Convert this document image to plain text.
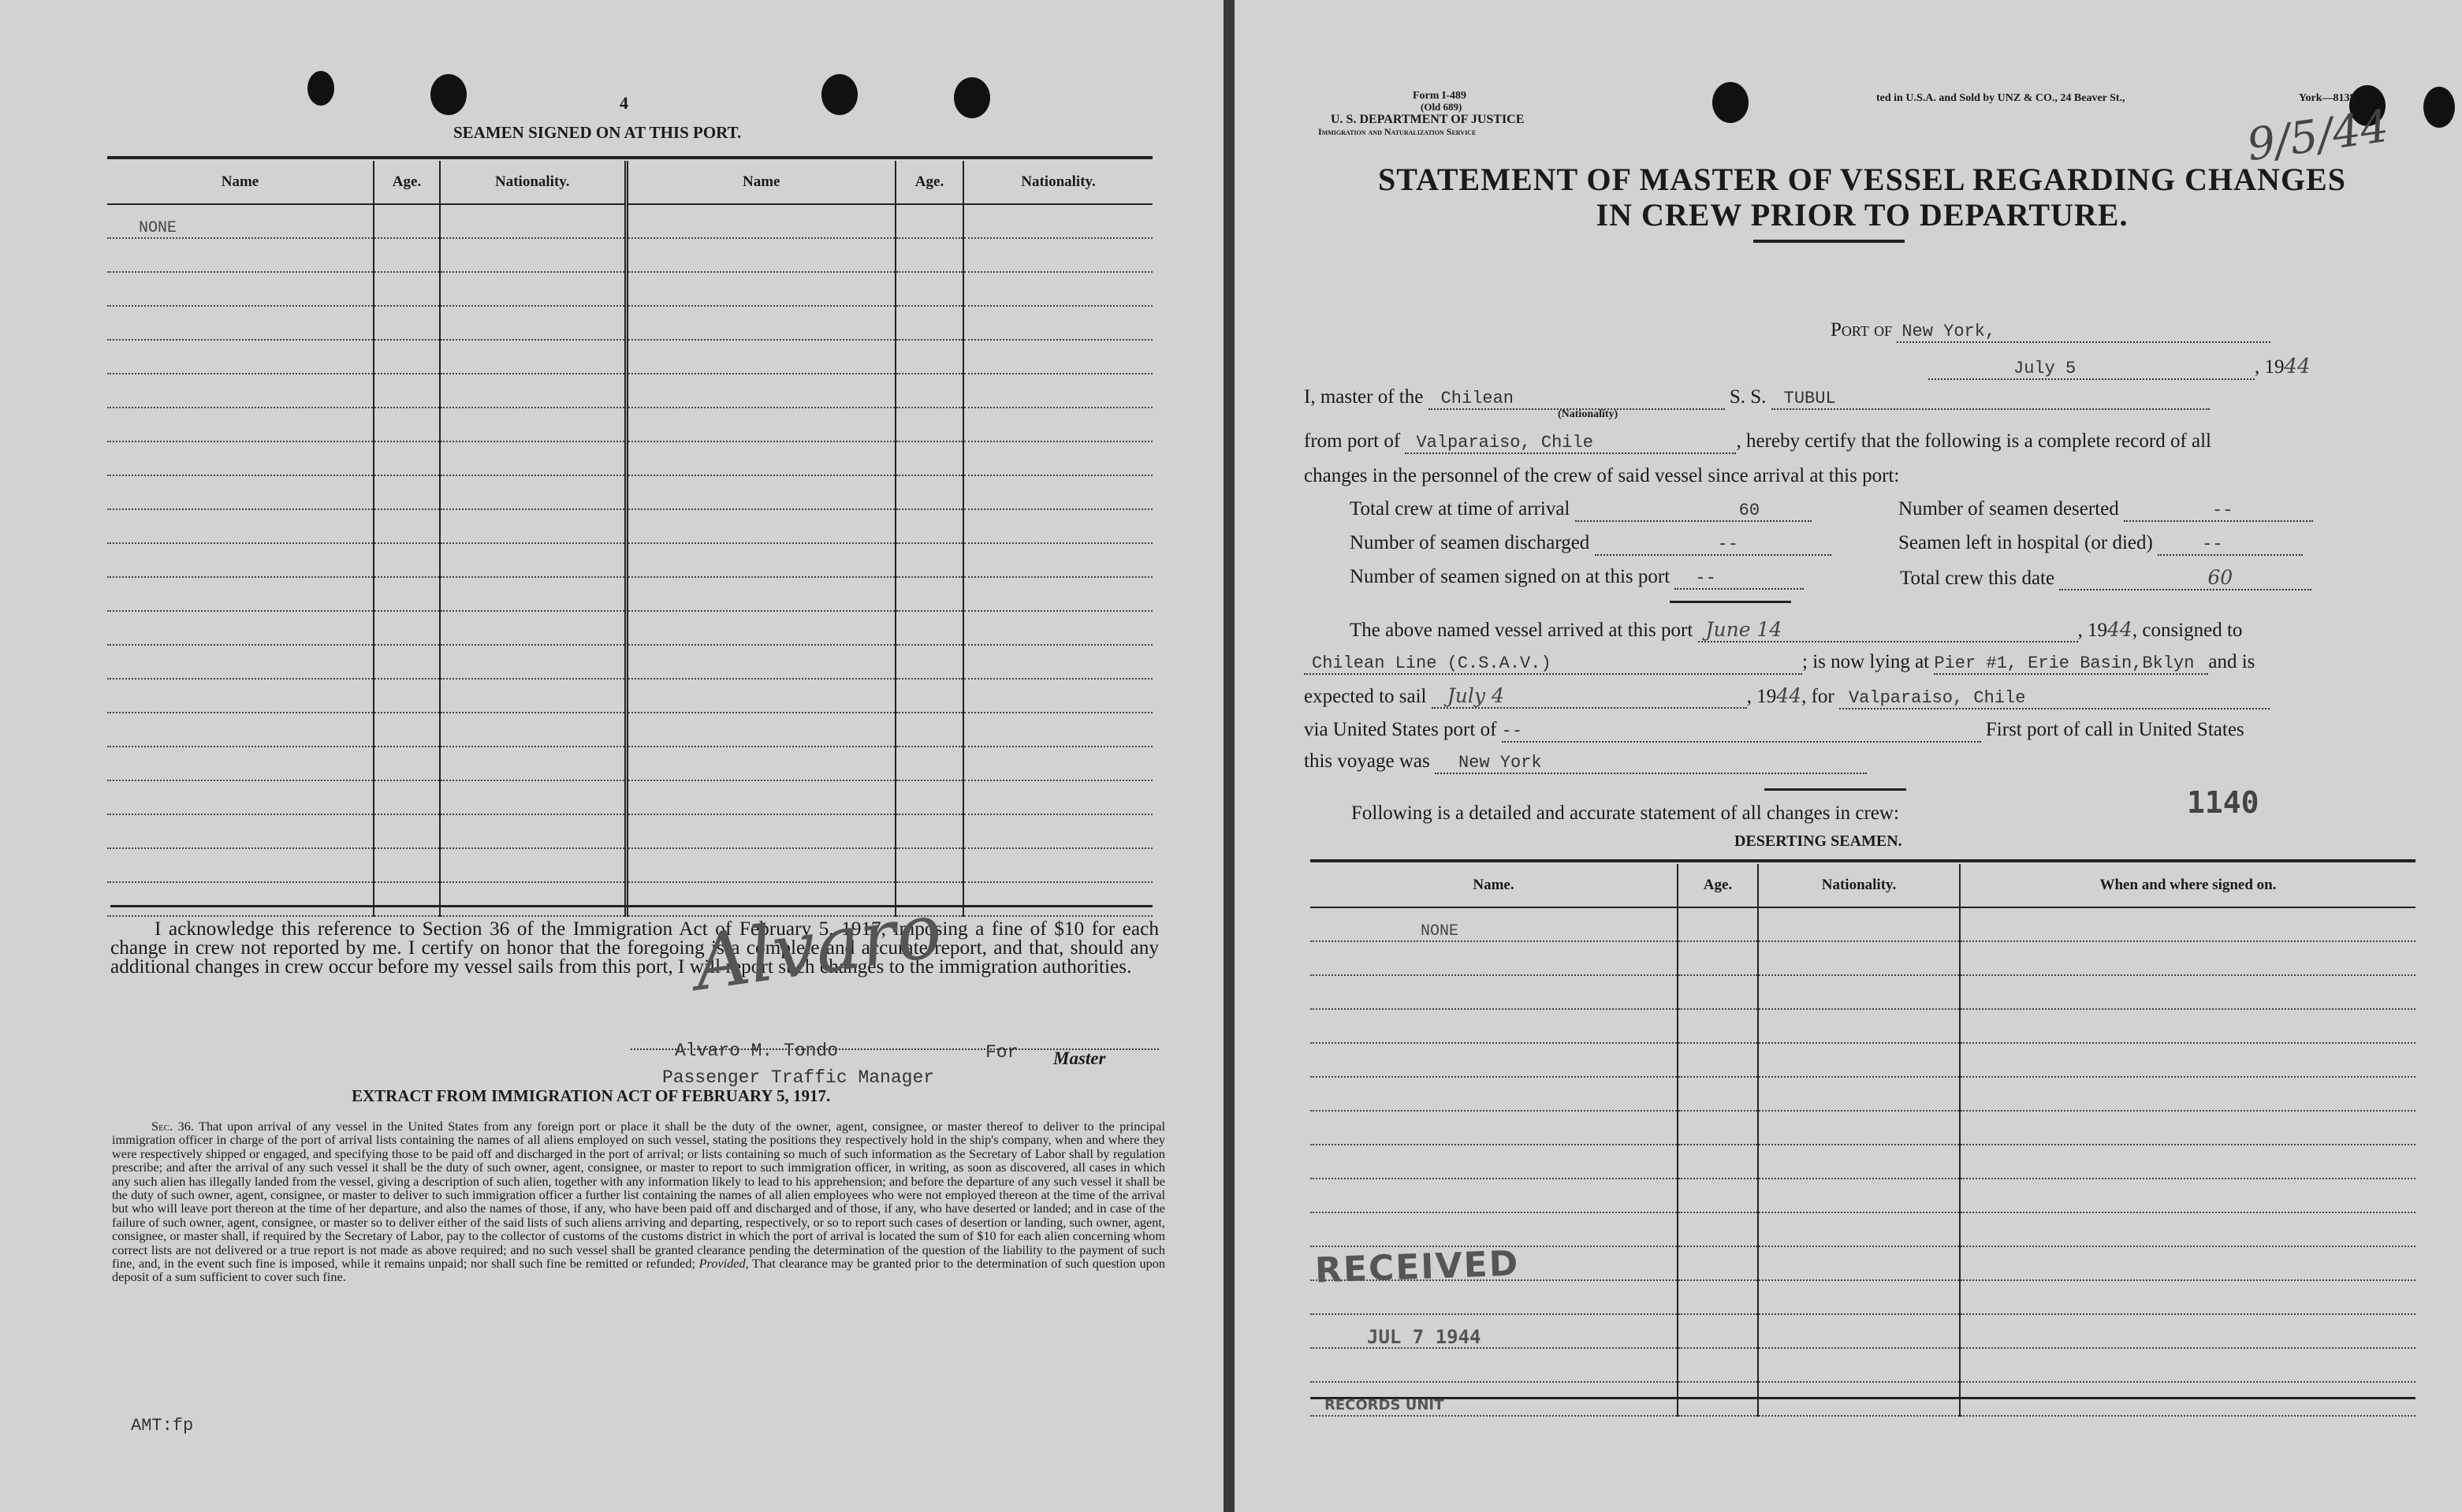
4
SEAMEN SIGNED ON AT THIS PORT.
Name	Age.	Nationality.	Name	Age.	Nationality.
NONE					

I acknowledge this reference to Section 36 of the Immigration Act of February 5, 1917, imposing a fine of $10 for each change in crew not reported by me. I certify on honor that the foregoing is a complete and accurate report, and that, should any additional changes in crew occur before my vessel sails from this port, I will report such changes to the immigration authorities.
Alvaro
Alvaro M. Tondo	For Master
Passenger Traffic Manager
EXTRACT FROM IMMIGRATION ACT OF FEBRUARY 5, 1917.
Sec. 36. That upon arrival of any vessel in the United States from any foreign port or place it shall be the duty of the owner, agent, consignee, or master thereof to deliver to the principal immigration officer in charge of the port of arrival lists containing the names of all aliens employed on such vessel, stating the positions they respectively hold in the ship's company, when and where they were respectively shipped or engaged, and specifying those to be paid off and discharged in the port of arrival; or lists containing so much of such information as the Secretary of Labor shall by regulation prescribe; and after the arrival of any such vessel it shall be the duty of such owner, agent, consignee, or master to report to such immigration officer, in writing, as soon as discovered, all cases in which any such alien has illegally landed from the vessel, giving a description of such alien, together with any information likely to lead to his apprehension; and before the departure of any such vessel it shall be the duty of such owner, agent, consignee, or master to deliver to such immigration officer a further list containing the names of all alien employees who were not employed thereon at the time of the arrival but who will leave port thereon at the time of her departure, and also the names of those, if any, who have been paid off and discharged and of those, if any, who have deserted or landed; and in case of the failure of such owner, agent, consignee, or master so to deliver either of the said lists of such aliens arriving and departing, respectively, or so to report such cases of desertion or landing, such owner, agent, consignee, or master shall, if required by the Secretary of Labor, pay to the collector of customs of the customs district in which the port of arrival is located the sum of $10 for each alien concerning whom correct lists are not delivered or a true report is not made as above required; and no such vessel shall be granted clearance pending the determination of the question of the liability to the payment of such fine, and, in the event such fine is imposed, while it remains unpaid; nor shall such fine be remitted or refunded; Provided, That clearance may be granted prior to the determination of such question upon deposit of a sum sufficient to cover such fine.
AMT:fp
Form I-489
(Old 689)
U. S. DEPARTMENT OF JUSTICE
Immigration and Naturalization Service
ted in U.S.A. and Sold by UNZ & CO., 24 Beaver St.,	York—8138
9/5/44
STATEMENT OF MASTER OF VESSEL REGARDING CHANGES
IN CREW PRIOR TO DEPARTURE.
Port of New York,
July 5	, 1944
I, master of the Chilean	S. S. TUBUL
(Nationality)
from port of Valparaiso, Chile	, hereby certify that the following is a complete record of all
changes in the personnel of the crew of said vessel since arrival at this port:
Total crew at time of arrival	60	Number of seamen deserted	--
Number of seamen discharged	--	Seamen left in hospital (or died)	--
Number of seamen signed on at this port --	Total crew this date	60
The above named vessel arrived at this port June 14	, 1944, consigned to
Chilean Line (C.S.A.V.)	; is now lying at Pier #1, Erie Basin,Bklyn and is
expected to sail July 4	, 1944, for Valparaiso, Chile
via United States port of --	First port of call in United States
this voyage was New York
Following is a detailed and accurate statement of all changes in crew:	1140
DESERTING SEAMEN.
Name.	Age.	Nationality.	When and where signed on.
NONE			

RECEIVED
JUL 7 1944
RECORDS UNIT
